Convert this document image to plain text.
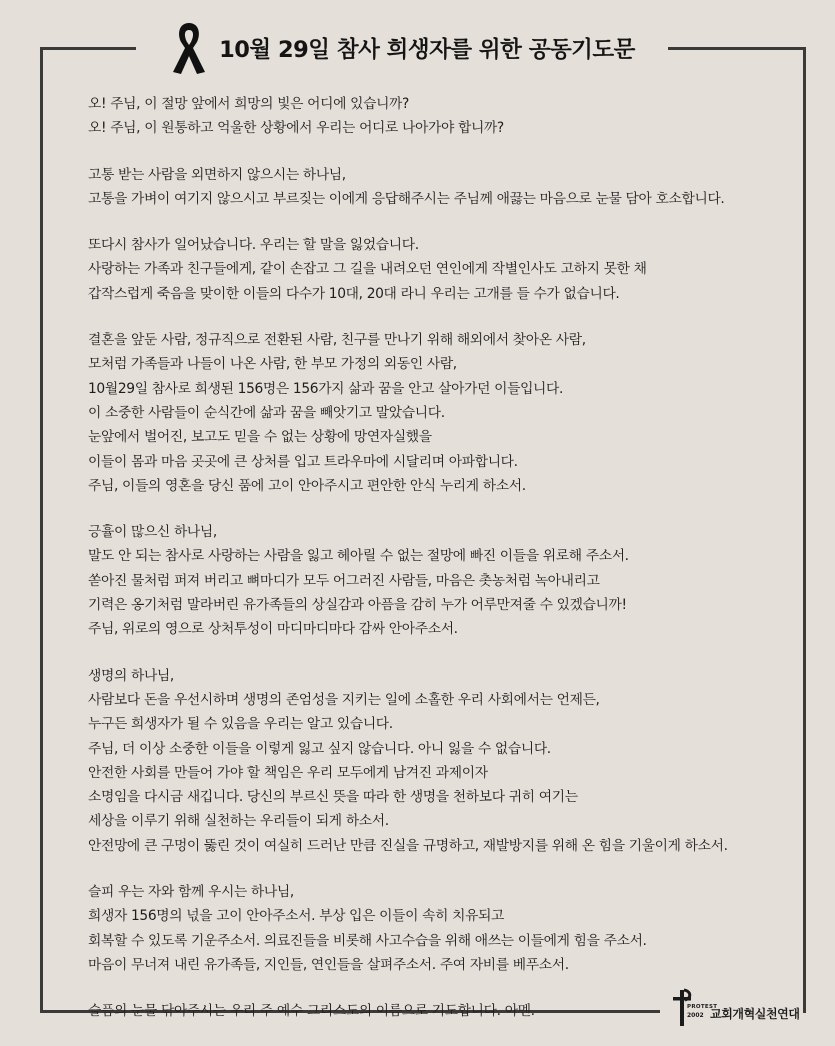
10월 29일 참사 희생자를 위한 공동기도문
오! 주님, 이 절망 앞에서 희망의 빛은 어디에 있습니까?
오! 주님, 이 원통하고 억울한 상황에서 우리는 어디로 나아가야 합니까?
고통 받는 사람을 외면하지 않으시는 하나님,
고통을 가벼이 여기지 않으시고 부르짖는 이에게 응답해주시는 주님께 애끓는 마음으로 눈물 담아 호소합니다.
또다시 참사가 일어났습니다. 우리는 할 말을 잃었습니다.
사랑하는 가족과 친구들에게, 같이 손잡고 그 길을 내려오던 연인에게 작별인사도 고하지 못한 채
갑작스럽게 죽음을 맞이한 이들의 다수가 10대, 20대 라니 우리는 고개를 들 수가 없습니다.
결혼을 앞둔 사람, 정규직으로 전환된 사람, 친구를 만나기 위해 해외에서 찾아온 사람,
모처럼 가족들과 나들이 나온 사람, 한 부모 가정의 외동인 사람,
10월29일 참사로 희생된 156명은 156가지 삶과 꿈을 안고 살아가던 이들입니다.
이 소중한 사람들이 순식간에 삶과 꿈을 빼앗기고 말았습니다.
눈앞에서 벌어진, 보고도 믿을 수 없는 상황에 망연자실했을
이들이 몸과 마음 곳곳에 큰 상처를 입고 트라우마에 시달리며 아파합니다.
주님, 이들의 영혼을 당신 품에 고이 안아주시고 편안한 안식 누리게 하소서.
긍휼이 많으신 하나님,
말도 안 되는 참사로 사랑하는 사람을 잃고 헤아릴 수 없는 절망에 빠진 이들을 위로해 주소서.
쏟아진 물처럼 퍼져 버리고 뼈마디가 모두 어그러진 사람들, 마음은 촛농처럼 녹아내리고
기력은 옹기처럼 말라버린 유가족들의 상실감과 아픔을 감히 누가 어루만져줄 수 있겠습니까!
주님, 위로의 영으로 상처투성이 마디마디마다 감싸 안아주소서.
생명의 하나님,
사람보다 돈을 우선시하며 생명의 존엄성을 지키는 일에 소홀한 우리 사회에서는 언제든,
누구든 희생자가 될 수 있음을 우리는 알고 있습니다.
주님, 더 이상 소중한 이들을 이렇게 잃고 싶지 않습니다. 아니 잃을 수 없습니다.
안전한 사회를 만들어 가야 할 책임은 우리 모두에게 남겨진 과제이자
소명임을 다시금 새깁니다. 당신의 부르신 뜻을 따라 한 생명을 천하보다 귀히 여기는
세상을 이루기 위해 실천하는 우리들이 되게 하소서.
안전망에 큰 구멍이 뚫린 것이 여실히 드러난 만큼 진실을 규명하고, 재발방지를 위해 온 힘을 기울이게 하소서.
슬피 우는 자와 함께 우시는 하나님,
희생자 156명의 넋을 고이 안아주소서. 부상 입은 이들이 속히 치유되고
회복할 수 있도록 기운주소서. 의료진들을 비롯해 사고수습을 위해 애쓰는 이들에게 힘을 주소서.
마음이 무너져 내린 유가족들, 지인들, 연인들을 살펴주소서. 주여 자비를 베푸소서.
슬픔의 눈물 닦아주시는 우리 주 예수 그리스도의 이름으로 기도합니다. 아멘.	PROTEST
2002 교회개혁실천연대
